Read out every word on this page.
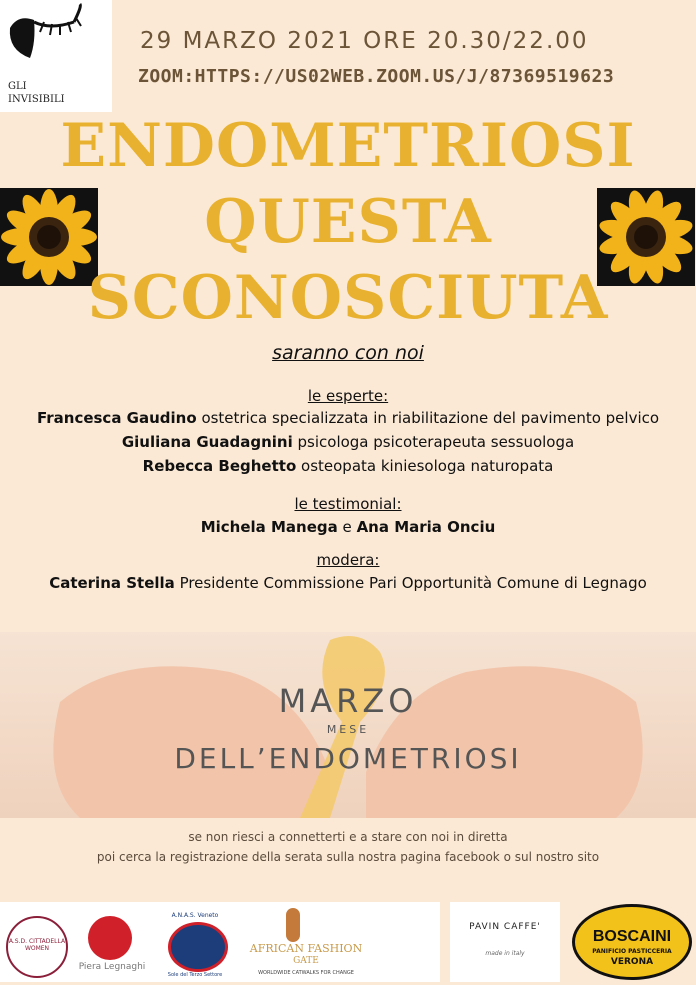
GLI
INVISIBILI
29 MARZO 2021 ORE 20.30/22.00
ZOOM:HTTPS://US02WEB.ZOOM.US/J/87369519623
ENDOMETRIOSI
QUESTA
SCONOSCIUTA
saranno con noi
le esperte:
Francesca Gaudino ostetrica specializzata in riabilitazione del pavimento pelvico
Giuliana Guadagnini psicologa psicoterapeuta sessuologa
Rebecca Beghetto osteopata kiniesologa naturopata
le testimonial:
Michela Manega e Ana Maria Onciu
modera:
Caterina Stella Presidente Commissione Pari Opportunità Comune di Legnago
MARZO
MESE
DELL’ENDOMETRIOSI
se non riesci a connetterti e a stare con noi in diretta
poi cerca la registrazione della serata sulla nostra pagina facebook o sul nostro sito
A.S.D. CITTADELLA WOMEN
Piera Legnaghi
A.N.A.S. Veneto
Sole del Terzo Settore
AFRICAN FASHION
GATE
WORLDWIDE CATWALKS FOR CHANGE
PAVIN CAFFE'
made in italy
BOSCAINI
PANIFICIO PASTICCERIA
VERONA
